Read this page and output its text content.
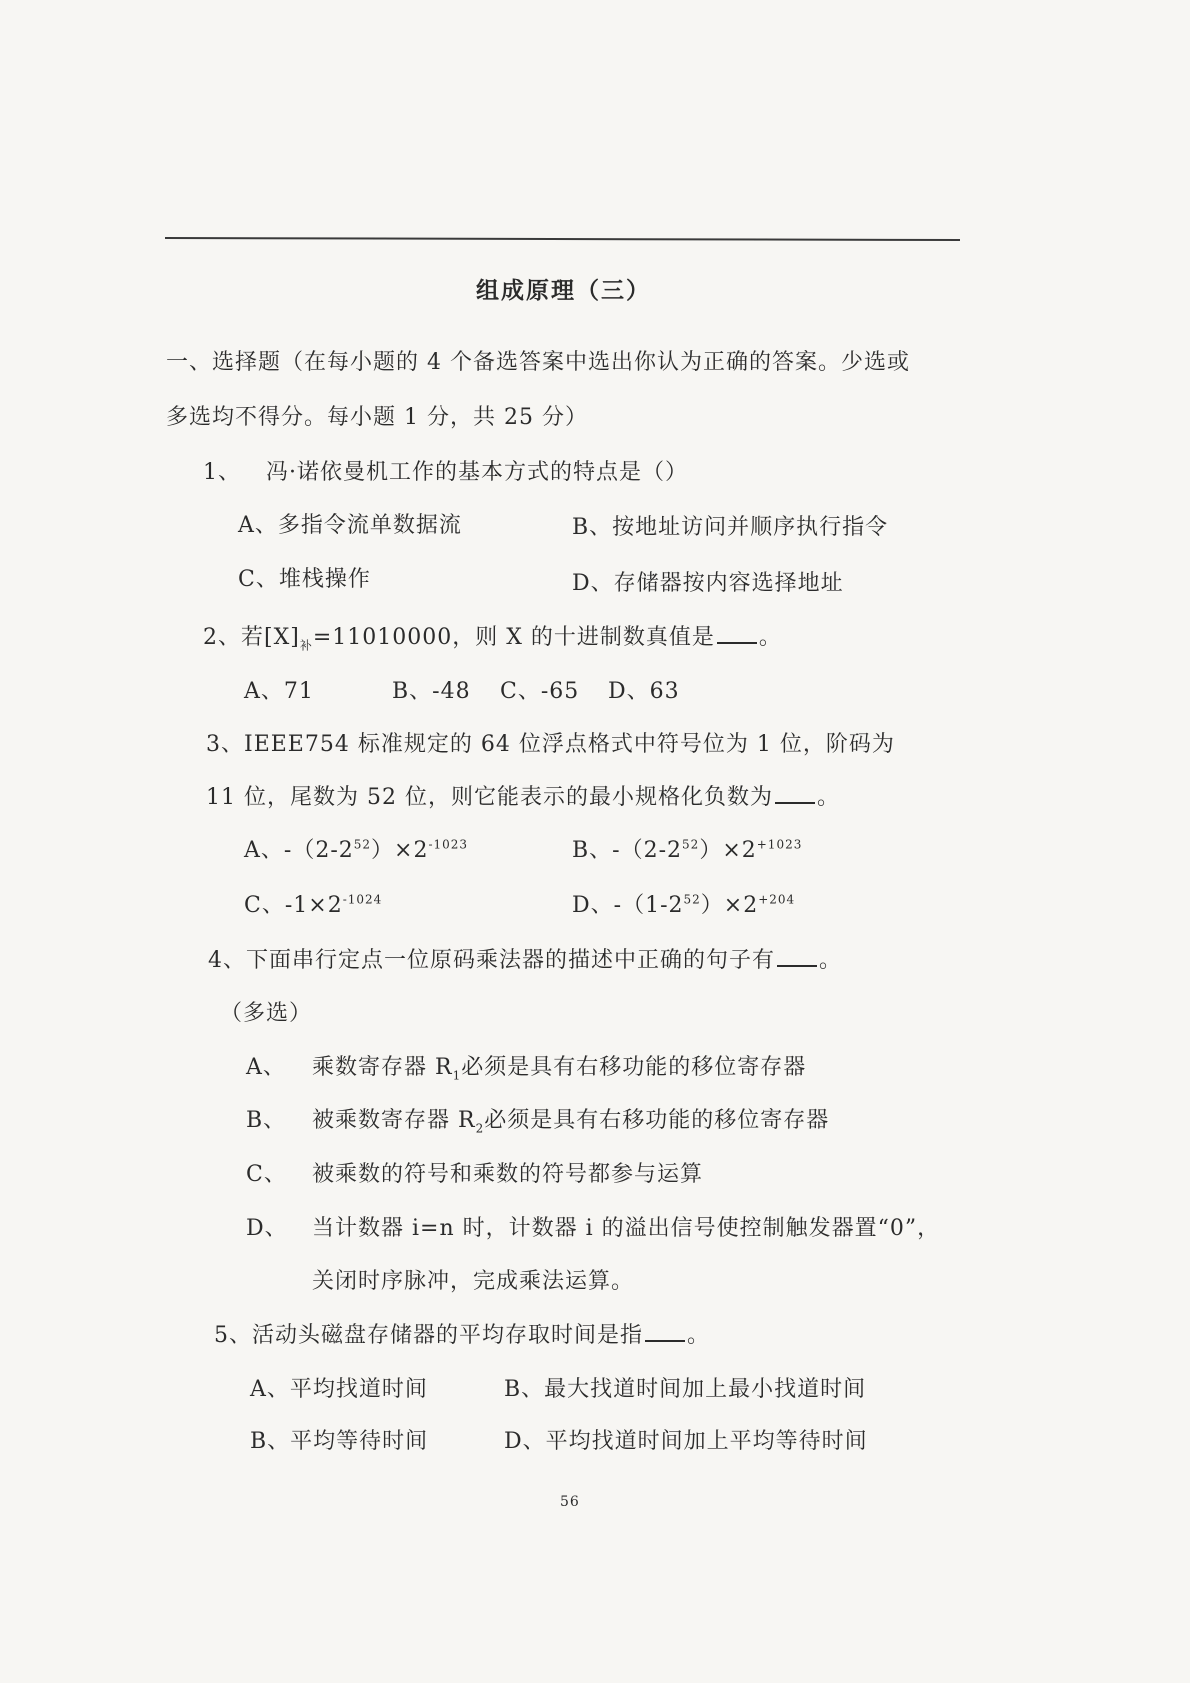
组成原理（三）
一、选择题（在每小题的 4 个备选答案中选出你认为正确的答案。少选或
多选均不得分。每小题 1 分，共 25 分）
1、 冯·诺依曼机工作的基本方式的特点是（）
A、多指令流单数据流	B、按地址访问并顺序执行指令
C、堆栈操作	D、存储器按内容选择地址
2、若$[X]_补=11010000$，则 X 的十进制数真值是 。
A、71	B、-48 C、-65 D、63
3、IEEE754 标准规定的 64 位浮点格式中符号位为 1 位，阶码为
11 位，尾数为 52 位，则它能表示的最小规格化负数为 。
A、$-(2-2^{52})\times 2^{-1023}$	B、$-(2-2^{52})\times 2^{+1023}$
C、$-1\times 2^{-1024}$	D、$-(1-2^{52})\times 2^{+204}$
4、下面串行定点一位原码乘法器的描述中正确的句子有 。
（多选）
A、 乘数寄存器 $R_1$必须是具有右移功能的移位寄存器
B、 被乘数寄存器 $R_2$必须是具有右移功能的移位寄存器
C、 被乘数的符号和乘数的符号都参与运算
D、 当计数器 i=n 时，计数器 i 的溢出信号使控制触发器置“0”，
关闭时序脉冲，完成乘法运算。
5、活动头磁盘存储器的平均存取时间是指 。
A、平均找道时间	B、最大找道时间加上最小找道时间
B、平均等待时间	D、平均找道时间加上平均等待时间
56
